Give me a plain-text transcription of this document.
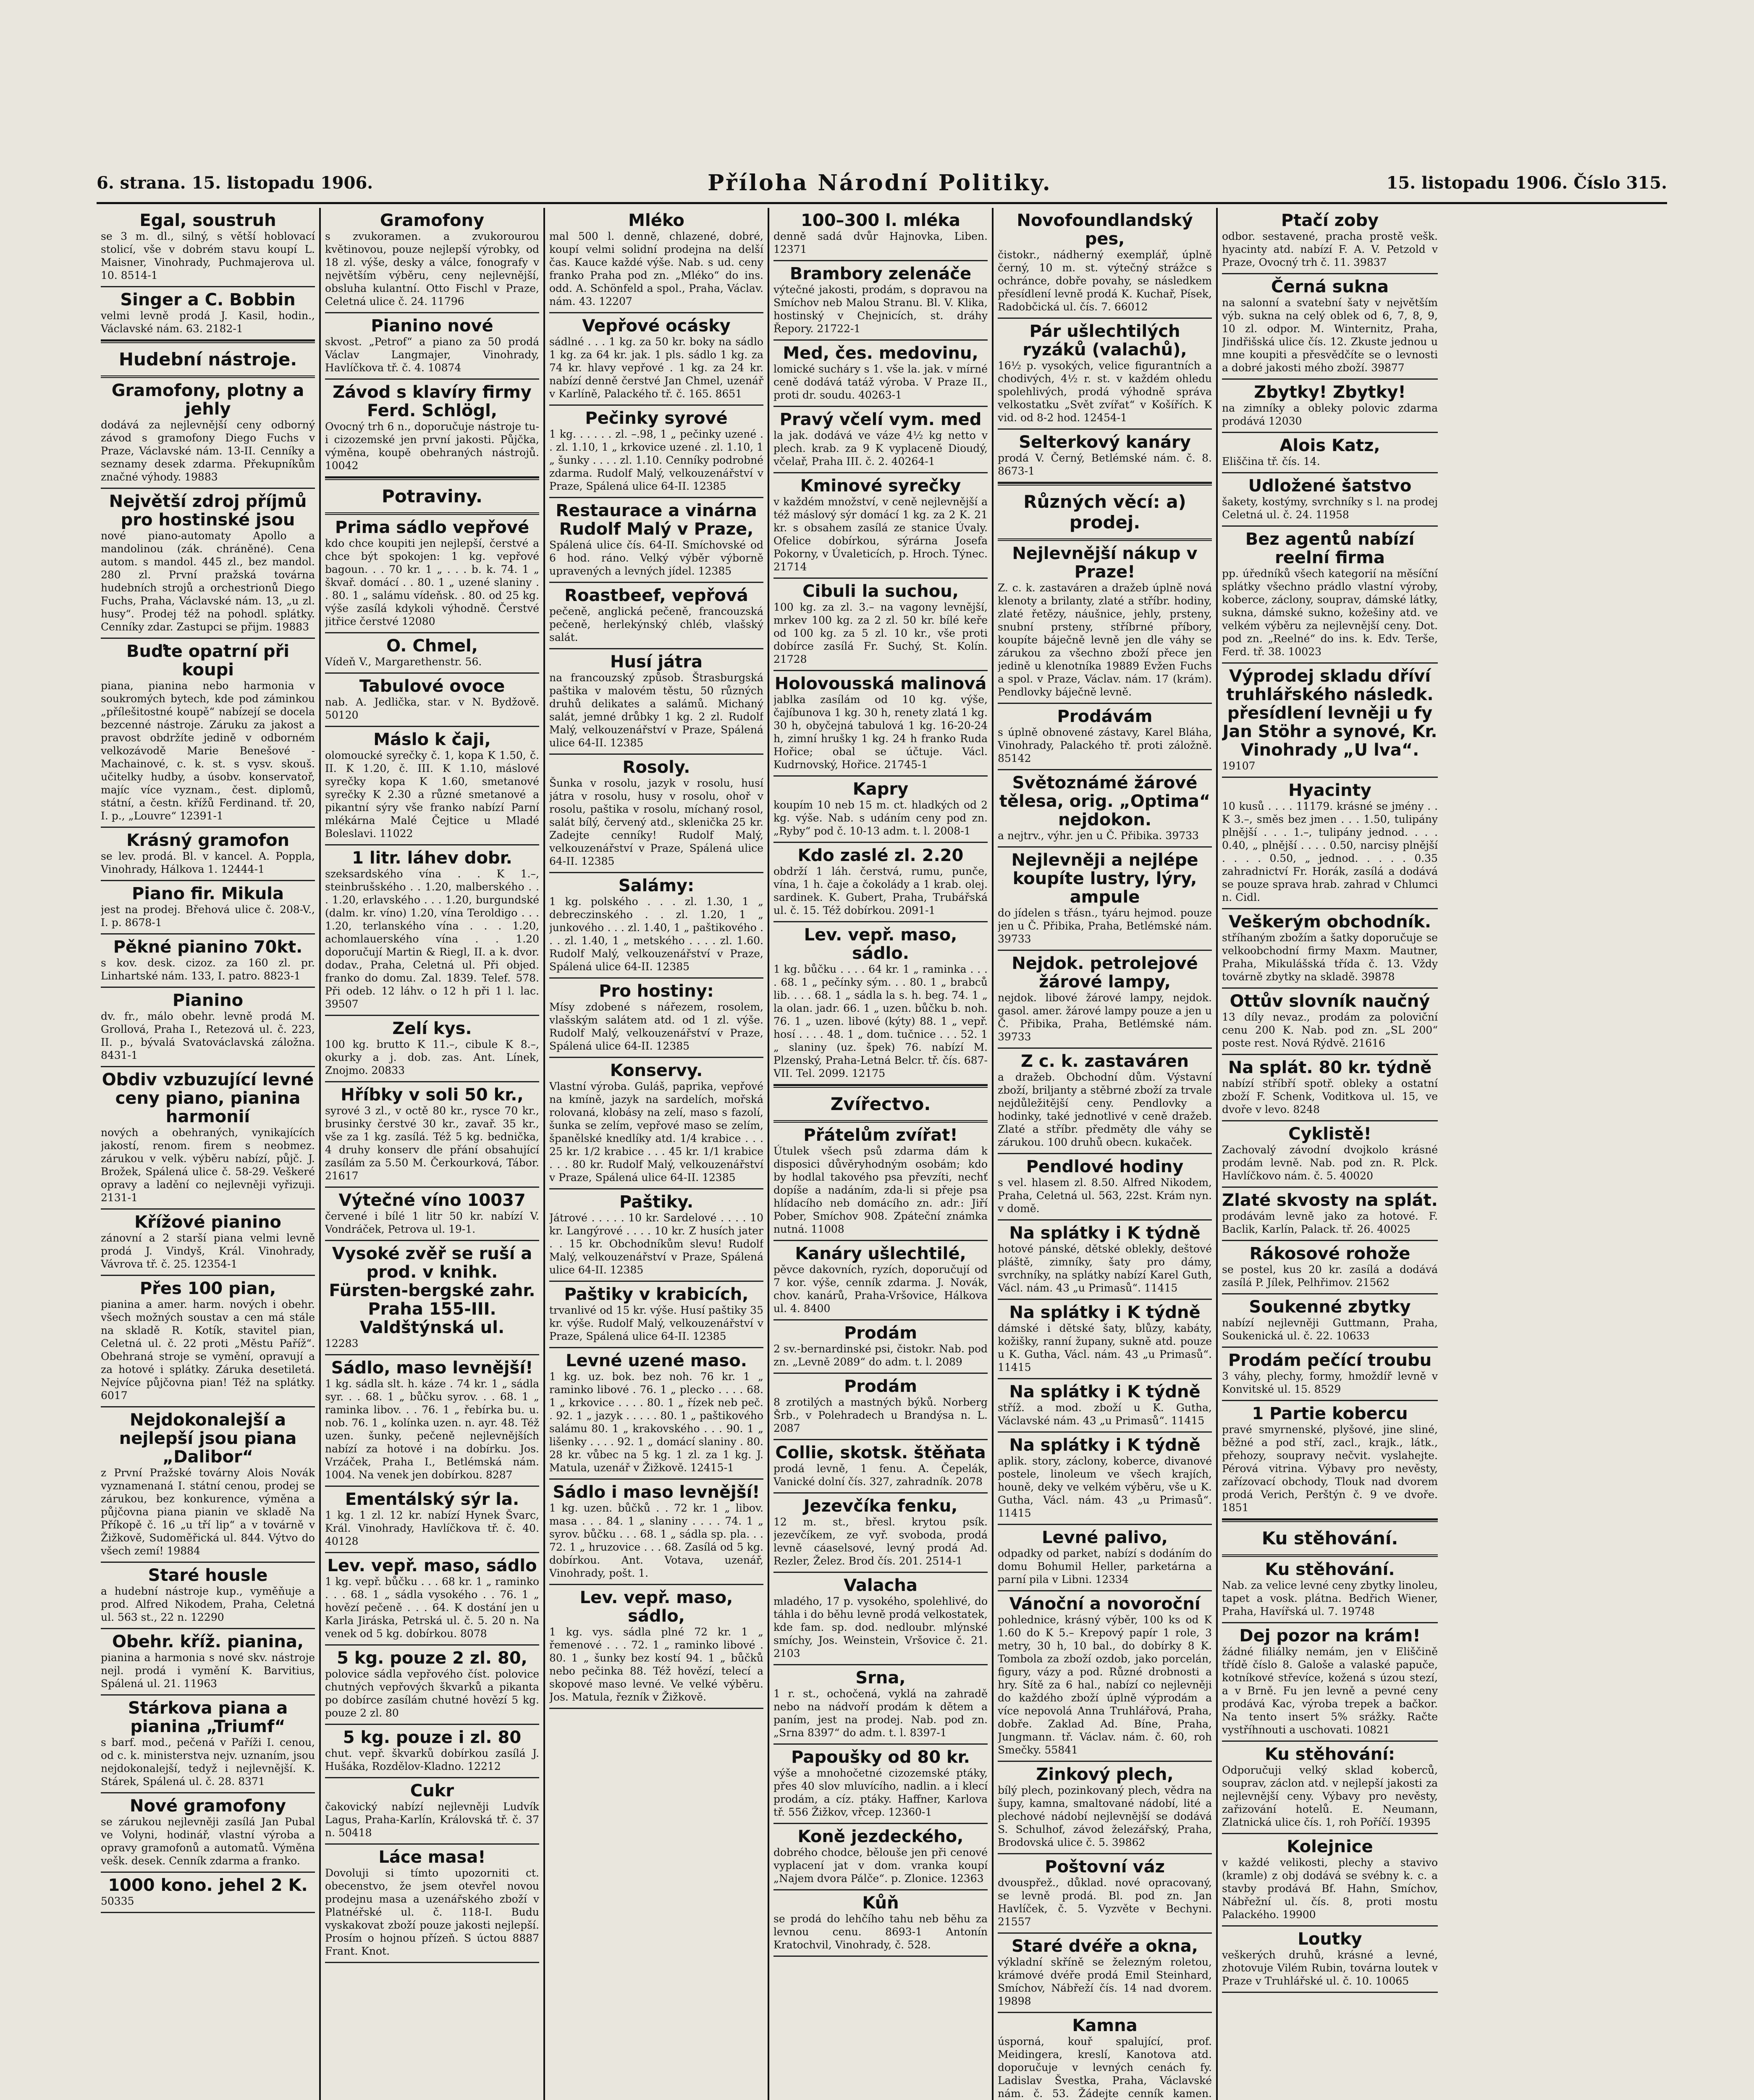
6. strana. 15. listopadu 1906.	Příloha Národní Politiky.	15. listopadu 1906. Číslo 315.
Egal, soustruh
se 3 m. dl., silný, s větší hoblovací stolicí, vše v dobrém stavu koupí L. Maisner, Vinohrady, Puchmajerova ul. 10. 8514-1
Singer a C. Bobbin
velmi levně prodá J. Kasil, hodin., Václavské nám. 63. 2182-1
Hudební nástroje.
Gramofony, plotny a jehly
dodává za nejlevnější ceny odborný závod s gramofony Diego Fuchs v Praze, Václavské nám. 13-II. Cenníky a seznamy desek zdarma. Překupníkům značné výhody. 19883
Největší zdroj příjmů pro hostinské jsou
nové piano-automaty Apollo a mandolinou (zák. chráněné). Cena autom. s mandol. 445 zl., bez mandol. 280 zl. První pražská továrna hudebních strojů a orchestrionů Diego Fuchs, Praha, Václavské nám. 13, „u zl. husy“. Prodej též na pohodl. splátky. Cenníky zdar. Zastupci se přijm. 19883
Buďte opatrní při koupi
piana, pianina nebo harmonia v soukromých bytech, kde pod záminkou „přílešitostné koupě“ nabízejí se docela bezcenné nástroje. Záruku za jakost a pravost obdržíte jedině v odborném velkozávodě Marie Benešové - Machainové, c. k. st. s vysv. skouš. učitelky hudby, a úsobv. konservatoř, majíc více vyznam., čest. diplomů, státní, a čestn. křížů Ferdinand. tř. 20, I. p., „Louvre“ 12391-1
Krásný gramofon
se lev. prodá. Bl. v kancel. A. Poppla, Vinohrady, Hálkova 1. 12444-1
Piano fir. Mikula
jest na prodej. Břehová ulice č. 208-V., I. p. 8678-1
Pěkné pianino 70kt.
s kov. desk. cizoz. za 160 zl. pr. Linhartské nám. 133, I. patro. 8823-1
Pianino
dv. fr., málo obehr. levně prodá M. Grollová, Praha I., Retezová ul. č. 223, II. p., bývalá Svatováclavská záložna. 8431-1
Obdiv vzbuzující levné ceny piano, pianina harmonií
nových a obehraných, vynikajících jakostí, renom. firem s neobmez. zárukou v velk. výběru nabízí, půjč. J. Brožek, Spálená ulice č. 58-29. Veškeré opravy a ladění co nejlevněji vyřizuji. 2131-1
Křížové pianino
zánovní a 2 starší piana velmi levně prodá J. Vindyš, Král. Vinohrady, Vávrova tř. č. 25. 12354-1
Přes 100 pian,
pianina a amer. harm. nových i obehr. všech možných soustav a cen má stále na skladě R. Kotík, stavitel pian, Celetná ul. č. 22 proti „Městu Paříž“. Obehraná stroje se vymění, opravují a za hotové i splátky. Záruka desetiletá. Nejvíce půjčovna pian! Též na splátky. 6017
Nejdokonalejší a nejlepší jsou piana „Dalibor“
z První Pražské továrny Alois Novák vyznamenaná I. státní cenou, prodej se zárukou, bez konkurence, výměna a půjčovna piana pianin ve skladě Na Příkopě č. 16 „u tří lip“ a v továrně v Žižkově, Sudoměřická ul. 844. Výtvo do všech zemí! 19884
Staré housle
a hudební nástroje kup., vyměňuje a prod. Alfred Nikodem, Praha, Celetná ul. 563 st., 22 n. 12290
Obehr. kříž. pianina,
pianina a harmonia s nové skv. nástroje nejl. prodá i vymění K. Barvitius, Spálená ul. 21. 11963
Stárkova piana a pianina „Triumf“
s barf. mod., pečená v Paříži I. cenou, od c. k. ministerstva nejv. uznaním, jsou nejdokonalejší, tedyž i nejlevnější. K. Stárek, Spálená ul. č. 28. 8371
Nové gramofony
se zárukou nejlevněji zasílá Jan Pubal ve Volyni, hodinář, vlastní výroba a opravy gramofonů a automatů. Výměna vešk. desek. Cenník zdarma a franko.
1000 kono. jehel 2 K.
50335
Gramofony
s zvukoramen. a zvukorourou květinovou, pouze nejlepší výrobky, od 18 zl. výše, desky a válce, fonografy v největším výběru, ceny nejlevnější, obsluha kulantní. Otto Fischl v Praze, Celetná ulice č. 24. 11796
Pianino nové
skvost. „Petrof“ a piano za 50 prodá Václav Langmajer, Vinohrady, Havlíčkova tř. č. 4. 10874
Závod s klavíry firmy Ferd. Schlögl,
Ovocný trh 6 n., doporučuje nástroje tu- i cizozemské jen první jakosti. Půjčka, výměna, koupě obehraných nástrojů. 10042
Potraviny.
Prima sádlo vepřové
kdo chce koupiti jen nejlepší, čerstvé a chce být spokojen: 1 kg. vepřové bagoun. . . 70 kr. 1 „ . . . b. k. 74. 1 „ škvař. domácí . . 80. 1 „ uzené slaniny . . 80. 1 „ salámu vídeňsk. . 80. od 25 kg. výše zasílá kdykoli výhodně. Čerstvé jitřice čerstvé 12080
O. Chmel,
Vídeň V., Margarethenstr. 56.
Tabulové ovoce
nab. A. Jedlička, star. v N. Bydžově. 50120
Máslo k čaji,
olomoucké syrečky č. 1, kopa K 1.50, č. II. K 1.20, č. III. K 1.10, máslové syrečky kopa K 1.60, smetanové syrečky K 2.30 a různé smetanové a pikantní sýry vše franko nabízí Parní mlékárna Malé Čejtice u Mladé Boleslavi. 11022
1 litr. láhev dobr.
szeksardského vína . . K 1.–, steinbrušského . . 1.20, malberského . . . 1.20, erlavského . . . 1.20, burgundské (dalm. kr. víno) 1.20, vína Teroldigo . . . 1.20, terlanského vína . . . 1.20, achomlauerského vína . . 1.20 doporučují Martin & Riegl, II. a k. dvor. dodav., Praha, Celetná ul. Při objed. franko do domu. Zal. 1839. Telef. 578. Při odeb. 12 láhv. o 12 h při 1 l. lac. 39507
Zelí kys.
100 kg. brutto K 11.–, cibule K 8.–, okurky a j. dob. zas. Ant. Línek, Znojmo. 20833
Hříbky v soli 50 kr.,
syrové 3 zl., v octě 80 kr., rysce 70 kr., brusinky čerstvé 30 kr., zavař. 35 kr., vše za 1 kg. zasílá. Též 5 kg. bednička, 4 druhy konserv dle přání obsahující zasílám za 5.50 M. Čerkourková, Tábor. 21617
Výtečné víno 10037
červené i bílé 1 litr 50 kr. nabízí V. Vondráček, Petrova ul. 19-1.
Vysoké zvěř se ruší a prod. v knihk. Fürsten-bergské zahr. Praha 155-III. Valdštýnská ul.
12283
Sádlo, maso levnější!
1 kg. sádla slt. h. káze . 74 kr. 1 „ sádla syr. . . 68. 1 „ bůčku syrov. . . 68. 1 „ raminka libov. . . 76. 1 „ řebírka bu. u. nob. 76. 1 „ kolínka uzen. n. ayr. 48. Též uzen. šunky, pečeně nejlevnějších nabízí za hotové i na dobírku. Jos. Vrzáček, Praha I., Betlémská nám. 1004. Na venek jen dobírkou. 8287
Ementálský sýr la.
1 kg. 1 zl. 12 kr. nabízí Hynek Švarc, Král. Vinohrady, Havlíčkova tř. č. 40. 40128
Lev. vepř. maso, sádlo
1 kg. vepř. bůčku . . . 68 kr. 1 „ raminko . . . 68. 1 „ sádla vysokého . . 76. 1 „ hovězí pečeně . . . 64. K dostání jen u Karla Jiráska, Petrská ul. č. 5. 20 n. Na venek od 5 kg. dobírkou. 8078
5 kg. pouze 2 zl. 80,
polovice sádla vepřového číst. polovice chutných vepřových škvarků a pikanta po dobírce zasílám chutné hovězí 5 kg. pouze 2 zl. 80
5 kg. pouze i zl. 80
chut. vepř. škvarků dobírkou zasílá J. Hušáka, Rozdělov-Kladno. 12212
Cukr
čakovický nabízí nejlevněji Ludvík Lagus, Praha-Karlín, Královská tř. č. 37 n. 50418
Láce masa!
Dovoluji si tímto upozorniti ct. obecenstvo, že jsem otevřel novou prodejnu masa a uzenářského zboží v Platnéřské ul. č. 118-I. Budu vyskakovat zboží pouze jakosti nejlepší. Prosím o hojnou přízeň. S úctou 8887 Frant. Knot.
Mléko
mal 500 l. denně, chlazené, dobré, koupí velmi solidní prodejna na delší čas. Kauce každé výše. Nab. s ud. ceny franko Praha pod zn. „Mléko“ do ins. odd. A. Schönfeld a spol., Praha, Václav. nám. 43. 12207
Vepřové ocásky
sádlné . . . 1 kg. za 50 kr. boky na sádlo 1 kg. za 64 kr. jak. 1 pls. sádlo 1 kg. za 74 kr. hlavy vepřové . 1 kg. za 24 kr. nabízí denně čerstvé Jan Chmel, uzenář v Karlíně, Palackého tř. č. 165. 8651
Pečinky syrové
1 kg. . . . . . zl. –.98, 1 „ pečinky uzené . . zl. 1.10, 1 „ krkovice uzené . zl. 1.10, 1 „ šunky . . . . zl. 1.10. Cenníky podrobné zdarma. Rudolf Malý, velkouzenářství v Praze, Spálená ulice 64-II. 12385
Restaurace a vinárna Rudolf Malý v Praze,
Spálená ulice čís. 64-II. Smíchovské od 6 hod. ráno. Velký výběr výborně upravených a levných jídel. 12385
Roastbeef, vepřová
pečeně, anglická pečeně, francouzská pečeně, herlekýnský chléb, vlašský salát.
Husí játra
na francouzský způsob. Štrasburgská paštika v malovém těstu, 50 různých druhů delikates a salámů. Michaný salát, jemné drůbky 1 kg. 2 zl. Rudolf Malý, velkouzenářství v Praze, Spálená ulice 64-II. 12385
Rosoly.
Šunka v rosolu, jazyk v rosolu, husí játra v rosolu, husy v rosolu, ohoř v rosolu, paštika v rosolu, míchaný rosol, salát bílý, červený atd., sklenička 25 kr. Zadejte cenníky! Rudolf Malý, velkouzenářství v Praze, Spálená ulice 64-II. 12385
Salámy:
1 kg. polského . . . zl. 1.30, 1 „ debreczinského . . zl. 1.20, 1 „ junkového . . . zl. 1.40, 1 „ paštikového . . . zl. 1.40, 1 „ metského . . . . zl. 1.60. Rudolf Malý, velkouzenářství v Praze, Spálená ulice 64-II. 12385
Pro hostiny:
Mísy zdobené s nářezem, rosolem, vlašským salátem atd. od 1 zl. výše. Rudolf Malý, velkouzenářství v Praze, Spálená ulice 64-II. 12385
Konservy.
Vlastní výroba. Guláš, paprika, vepřové na kmíně, jazyk na sardelích, mořská rolovaná, klobásy na zelí, maso s fazolí, šunka se zelím, vepřové maso se zelím, španělské knedlíky atd. 1/4 krabice . . . 25 kr. 1/2 krabice . . . 45 kr. 1/1 krabice . . . 80 kr. Rudolf Malý, velkouzenářství v Praze, Spálená ulice 64-II. 12385
Paštiky.
Játrové . . . . . 10 kr. Sardelové . . . . 10 kr. Langýrové . . . . 10 kr. Z husích jater . . 15 kr. Obchodníkům slevu! Rudolf Malý, velkouzenářství v Praze, Spálená ulice 64-II. 12385
Paštiky v krabicích,
trvanlivé od 15 kr. výše. Husí paštiky 35 kr. výše. Rudolf Malý, velkouzenářství v Praze, Spálená ulice 64-II. 12385
Levné uzené maso.
1 kg. uz. bok. bez noh. 76 kr. 1 „ raminko libové . 76. 1 „ plecko . . . . 68. 1 „ krkovice . . . . 80. 1 „ řízek neb peč. . 92. 1 „ jazyk . . . . . 80. 1 „ paštikového salámu 80. 1 „ krakovského . . . 90. 1 „ lišenky . . . . 92. 1 „ domácí slaniny . 80. 28 kr. vůbec na 5 kg. 1 zl. za 1 kg. J. Matula, uzenář v Žižkově. 12415-1
Sádlo i maso levnější!
1 kg. uzen. bůčků . . 72 kr. 1 „ libov. masa . . . 84. 1 „ slaniny . . . . 74. 1 „ syrov. bůčku . . . 68. 1 „ sádla sp. pla. . . 72. 1 „ hruzovice . . . 68. Zasílá od 5 kg. dobírkou. Ant. Votava, uzenář, Vinohrady, pošt. 1.
Lev. vepř. maso, sádlo,
1 kg. vys. sádla plné 72 kr. 1 „ řemenové . . . 72. 1 „ raminko libové . 80. 1 „ šunky bez kostí 94. 1 „ bůčků nebo pečinka 88. Též hovězí, telecí a skopové maso levné. Ve velké výběru. Jos. Matula, řezník v Žižkově.
100–300 l. mléka
denně sadá dvůr Hajnovka, Liben. 12371
Brambory zelenáče
výtečné jakosti, prodám, s dopravou na Smíchov neb Malou Stranu. Bl. V. Klika, hostinský v Chejnicích, st. dráhy Řepory. 21722-1
Med, čes. medovinu,
lomické sucháry s 1. vše la. jak. v mírné ceně dodává tatáž výroba. V Praze II., proti dr. soudu. 40263-1
Pravý včelí vym. med
la jak. dodává ve váze 4½ kg netto v plech. krab. za 9 K vyplaceně Dioudý, včelař, Praha III. č. 2. 40264-1
Kminové syrečky
v každém množství, v ceně nejlevnější a též máslový sýr domácí 1 kg. za 2 K. 21 kr. s obsahem zasílá ze stanice Úvaly. Ofelice dobírkou, sýrárna Josefa Pokorny, v Úvaleticích, p. Hroch. Týnec. 21714
Cibuli la suchou,
100 kg. za zl. 3.– na vagony levnější, mrkev 100 kg. za 2 zl. 50 kr. bílé keře od 100 kg. za 5 zl. 10 kr., vše proti dobírce zasílá Fr. Suchý, St. Kolín. 21728
Holovousská malinová
jablka zasílám od 10 kg. výše, čajíbunova 1 kg. 30 h, renety zlatá 1 kg. 30 h, obyčejná tabulová 1 kg. 16-20-24 h, zimní hrušky 1 kg. 24 h franko Ruda Hořice; obal se účtuje. Václ. Kudrnovský, Hořice. 21745-1
Kapry
koupím 10 neb 15 m. ct. hladkých od 2 kg. výše. Nab. s udáním ceny pod zn. „Ryby“ pod č. 10-13 adm. t. l. 2008-1
Kdo zaslé zl. 2.20
obdrží 1 láh. čerstvá, rumu, punče, vína, 1 h. čaje a čokolády a 1 krab. olej. sardinek. K. Gubert, Praha, Trubářská ul. č. 15. Též dobírkou. 2091-1
Lev. vepř. maso, sádlo.
1 kg. bůčku . . . . 64 kr. 1 „ raminka . . . . 68. 1 „ pečínky sým. . . 80. 1 „ brabců lib. . . . 68. 1 „ sádla la s. h. beg. 74. 1 „ la olan. jadr. 66. 1 „ uzen. bůčku b. noh. 76. 1 „ uzen. libové (kýty) 88. 1 „ vepř. hosí . . . . 48. 1 „ dom. tučnice . . . 52. 1 „ slaniny (uz. špek) 76. nabízí M. Plzenský, Praha-Letná Belcr. tř. čís. 687-VII. Tel. 2099. 12175
Zvířectvo.
Přátelům zvířat!
Útulek všech psů zdarma dám k disposici důvěryhodným osobám; kdo by hodlal takového psa převzíti, nechť dopíše a nadáním, zda-li si přeje psa hlídacího neb domácího zn. adr.: Jiří Pober, Smíchov 908. Zpáteční známka nutná. 11008
Kanáry ušlechtilé,
pěvce dakovních, ryzích, doporučují od 7 kor. výše, cenník zdarma. J. Novák, chov. kanárů, Praha-Vršovice, Hálkova ul. 4. 8400
Prodám
2 sv.-bernardinské psi, čistokr. Nab. pod zn. „Levně 2089“ do adm. t. l. 2089
Prodám
8 zrotilých a mastných býků. Norberg Šrb., v Polehradech u Brandýsa n. L. 2087
Collie, skotsk. štěňata
prodá levně, 1 fenu. A. Čepelák, Vanické dolní čís. 327, zahradník. 2078
Jezevčíka fenku,
12 m. st., břesl. krytou psík. jezevčíkem, ze vyř. svoboda, prodá levně cáaselsové, levný prodá Ad. Rezler, Želez. Brod čís. 201. 2514-1
Valacha
mladého, 17 p. vysokého, spolehlivé, do táhla i do běhu levně prodá velkostatek, kde fam. sp. dod. nedloubr. mlýnské smíchy, Jos. Weinstein, Vršovice č. 21. 2103
Srna,
1 r. st., ochočená, vyklá na zahradě nebo na nádvoří prodám k dětem a paním, jest na prodej. Nab. pod zn. „Srna 8397“ do adm. t. l. 8397-1
Papoušky od 80 kr.
výše a mnohočetné cizozemské ptáky, přes 40 slov mluvícího, nadlin. a i klecí prodám, a cíz. ptáky. Haffner, Karlova tř. 556 Žižkov, vřcep. 12360-1
Koně jezdeckého,
dobrého chodce, bělouše jen při cenové vyplacení jat v dom. vranka koupí „Najem dvora Pálče“. p. Zlonice. 12363
Kůň
se prodá do lehčího tahu neb běhu za levnou cenu. 8693-1 Antonín Kratochvil, Vinohrady, č. 528.
Novofoundlandský pes,
čistokr., nádherný exemplář, úplně černý, 10 m. st. výtečný strážce s ochránce, dobře povahy, se následkem přesídlení levně prodá K. Kuchař, Písek, Radobčická ul. čís. 7. 66012
Pár ušlechtilých ryzáků (valachů),
16½ p. vysokých, velice figurantních a chodivých, 4½ r. st. v každém ohledu spolehlivých, prodá výhodně správa velkostatku „Svět zvířat“ v Košířích. K vid. od 8-2 hod. 12454-1
Selterkový kanáry
prodá V. Černý, Betlémské nám. č. 8. 8673-1
Různých věcí: a) prodej.
Nejlevnější nákup v Praze!
Z. c. k. zastaváren a dražeb úplně nová klenoty a brilanty, zlaté a stříbr. hodiny, zlaté řetězy, náušnice, jehly, prsteny, snubní prsteny, stříbrné příbory, koupíte báječně levně jen dle váhy se zárukou za všechno zboží přece jen jedině u klenotníka 19889 Evžen Fuchs a spol. v Praze, Václav. nám. 17 (krám). Pendlovky báječně levně.
Prodávám
s úplně obnovené zástavy, Karel Bláha, Vinohrady, Palackého tř. proti záložně. 85142
Světoznámé žárové tělesa, orig. „Optima“ nejdokon.
a nejtrv., výhr. jen u Č. Přibika. 39733
Nejlevněji a nejlépe koupíte lustry, lýry, ampule
do jídelen s třásn., tyáru hejmod. pouze jen u Č. Přibika, Praha, Betlémské nám. 39733
Nejdok. petrolejové žárové lampy,
nejdok. libové žárové lampy, nejdok. gasol. amer. žárové lampy pouze a jen u Č. Přibika, Praha, Betlémské nám. 39733
Z c. k. zastaváren
a dražeb. Obchodní dům. Výstavní zboží, briljanty a stěbrné zboží za trvale nejdůležitější ceny. Pendlovky a hodinky, také jednotlivé v ceně dražeb. Zlaté a stříbr. předměty dle váhy se zárukou. 100 druhů obecn. kukaček.
Pendlové hodiny
s vel. hlasem zl. 8.50. Alfred Nikodem, Praha, Celetná ul. 563, 22st. Krám nyn. v domě.
Na splátky i K týdně
hotové pánské, dětské oblekly, deštové pláště, zimníky, šaty pro dámy, svrchníky, na splátky nabízí Karel Guth, Václ. nám. 43 „u Primasů“. 11415
Na splátky i K týdně
dámské i dětské šaty, blůzy, kabáty, kožišky, ranní župany, sukně atd. pouze u K. Gutha, Václ. nám. 43 „u Primasů“. 11415
Na splátky i K týdně
stříž. a mod. zboží u K. Gutha, Václavské nám. 43 „u Primasů“. 11415
Na splátky i K týdně
aplik. story, záclony, koberce, divanové postele, linoleum ve všech krajích, houně, deky ve velkém výběru, vše u K. Gutha, Václ. nám. 43 „u Primasů“. 11415
Levné palivo,
odpadky od parket, nabízí s dodáním do domu Bohumil Heller, parketárna a parní pila v Libni. 12334
Vánoční a novoroční
pohlednice, krásný výběr, 100 ks od K 1.60 do K 5.– Krepový papír 1 role, 3 metry, 30 h, 10 bal., do dobírky 8 K. Tombola za zboží ozdob, jako porcelán, figury, vázy a pod. Různé drobnosti a hry. Sítě za 6 hal., nabízí co nejlevněji do každého zboží úplně výprodám a více nepovolá Anna Truhlářová, Praha, dobře. Zaklad Ad. Bíne, Praha, Jungmann. tř. Václav. nám. č. 60, roh Smečky. 55841
Zinkový plech,
bílý plech, pozinkovaný plech, vědra na šupy, kamna, smaltované nádobí, lité a plechové nádobí nejlevnější se dodává S. Schulhof, závod železářský, Praha, Brodovská ulice č. 5. 39862
Poštovní váz
dvouspřež., důklad. nové opracovaný, se levně prodá. Bl. pod zn. Jan Havlíček, č. 5. Vyzvěte v Bechyni. 21557
Staré dvéře a okna,
výkladní skříně se železným roletou, krámové dvéře prodá Emil Steinhard, Smíchov, Nábřeží čís. 14 nad dvorem. 19898
Kamna
úsporná, kouř spalující, prof. Meidingera, kreslí, Kanotova atd. doporučuje v levných cenách fy. Ladislav Švestka, Praha, Václavské nám. č. 53. Žádejte cenník kamen.
Ptačí zoby
odbor. sestavené, pracha prostě vešk. hyacinty atd. nabízí F. A. V. Petzold v Praze, Ovocný trh č. 11. 39837
Černá sukna
na salonní a svatební šaty v největším výb. sukna na celý oblek od 6, 7, 8, 9, 10 zl. odpor. M. Winternitz, Praha, Jindřišská ulice čís. 12. Zkuste jednou u mne koupiti a přesvědčíte se o levnosti a dobré jakosti mého zboží. 39877
Zbytky! Zbytky!
na zimníky a obleky polovic zdarma prodává 12030
Alois Katz,
Eliščina tř. čís. 14.
Udložené šatstvo
šakety, kostýmy, svrchníky s l. na prodej Celetná ul. č. 24. 11958
Bez agentů nabízí reelní firma
pp. úředníků všech kategorií na měsíční splátky všechno prádlo vlastní výroby, koberce, záclony, souprav, dámské látky, sukna, dámské sukno, kožešiny atd. ve velkém výběru za nejlevnější ceny. Dot. pod zn. „Reelné“ do ins. k. Edv. Terše, Ferd. tř. 38. 10023
Výprodej skladu dříví truhlářského následk. přesídlení levněji u fy Jan Stöhr a synové, Kr. Vinohrady „U lva“.
19107
Hyacinty
10 kusů . . . . 11179. krásné se jmény . . K 3.–, směs bez jmen . . . 1.50, tulipány plnější . . . 1.–, tulipány jednod. . . . 0.40, „ plnější . . . . 0.50, narcisy plnější . . . . 0.50, „ jednod. . . . . 0.35 zahradnictví Fr. Horák, zasílá a dodává se pouze sprava hrab. zahrad v Chlumci n. Cidl.
Veškerým obchodník.
stříhaným zbožím a šatky doporučuje se velkoobchodní firmy Maxm. Mautner, Praha, Mikulášská třída č. 13. Vždy továrně zbytky na skladě. 39878
Ottův slovník naučný
13 díly nevaz., prodám za poloviční cenu 200 K. Nab. pod zn. „SL 200“ poste rest. Nová Rýdvě. 21616
Na splát. 80 kr. týdně
nabízí stříbří spotř. obleky a ostatní zboží F. Schenk, Voditkova ul. 15, ve dvoře v levo. 8248
Cyklistě!
Zachovalý závodní dvojkolo krásné prodám levně. Nab. pod zn. R. Plck. Havlíčkovo nám. č. 5. 40020
Zlaté skvosty na splát.
prodávám levně jako za hotové. F. Baclik, Karlín, Palack. tř. 26. 40025
Rákosové rohože
se postel, kus 20 kr. zasílá a dodává zasílá P. Jílek, Pelhřimov. 21562
Soukenné zbytky
nabízí nejlevněji Guttmann, Praha, Soukenická ul. č. 22. 10633
Prodám pečící troubu
3 váhy, plechy, formy, hmoždíř levně v Konvitské ul. 15. 8529
1 Partie kobercu
pravé smyrnenské, plyšové, jine sliné, běžné a pod stří, zacl., krajk., látk., přehozy, soupravy nečvit. vyslahejte. Pérová vitrina. Výbavy pro nevěsty, zařízovací obchody, Tlouk nad dvorem prodá Verich, Perštýn č. 9 ve dvoře. 1851
Ku stěhování.
Ku stěhování.
Nab. za velice levné ceny zbytky linoleu, tapet a vosk. plátna. Bedřich Wiener, Praha, Havířská ul. 7. 19748
Dej pozor na krám!
žádné filiálky nemám, jen v Eliščině třídě číslo 8. Galoše a valaské papuče, kotníkové střevíce, kožená s úzou stezí, a v Brně. Fu jen levně a pevné ceny prodává Kac, výroba trepek a bačkor. Na tento insert 5% srážky. Račte vystříhnouti a uschovati. 10821
Ku stěhování:
Odporučuji velký sklad koberců, souprav, záclon atd. v nejlepší jakosti za nejlevnější ceny. Výbavy pro nevěsty, zařizování hotelů. E. Neumann, Zlatnická ulice čís. 1, roh Poříčí. 19395
Kolejnice
v každé velikosti, plechy a stavivo (kramle) z obj dodává se svébny k. c. a stavby prodává Bf. Hahn, Smíchov, Nábřežní ul. čís. 8, proti mostu Palackého. 19900
Loutky
veškerých druhů, krásné a levné, zhotovuje Vilém Rubin, továrna loutek v Praze v Truhlářské ul. č. 10. 10065
